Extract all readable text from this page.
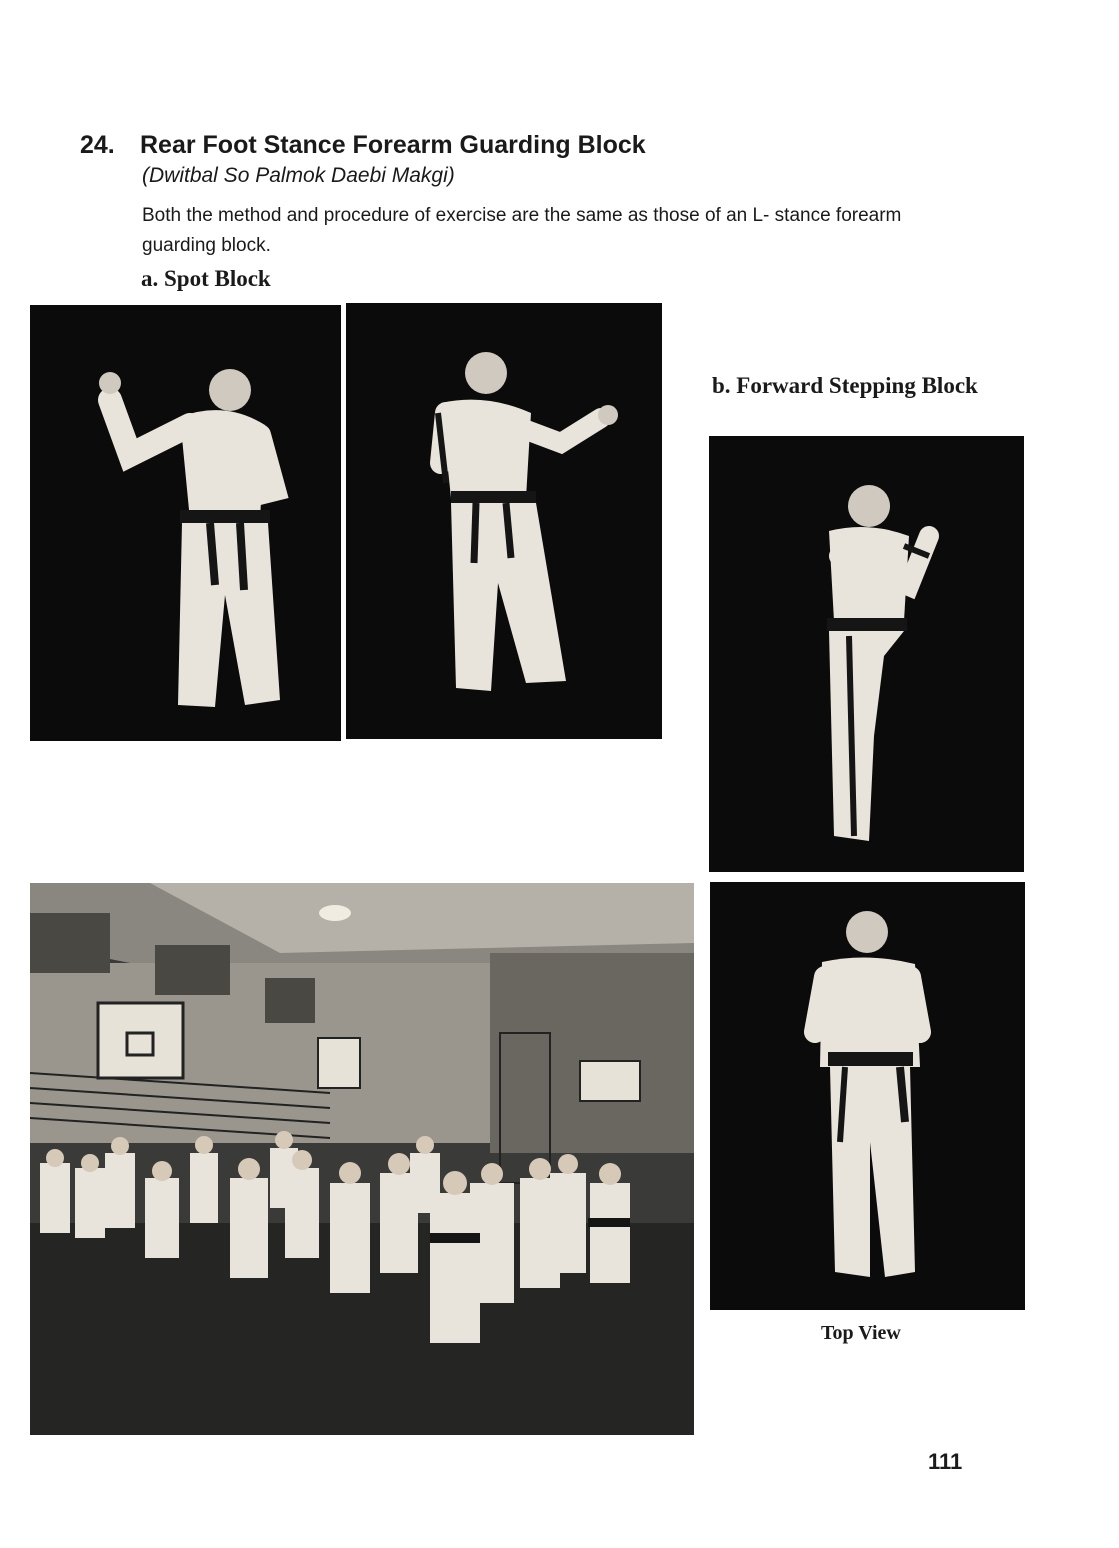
24. Rear Foot Stance Forearm Guarding Block
(Dwitbal So Palmok Daebi Makgi)
Both the method and procedure of exercise are the same as those of an L- stance forearm guarding block.
a. Spot Block
b. Forward Stepping Block
Top View
111
